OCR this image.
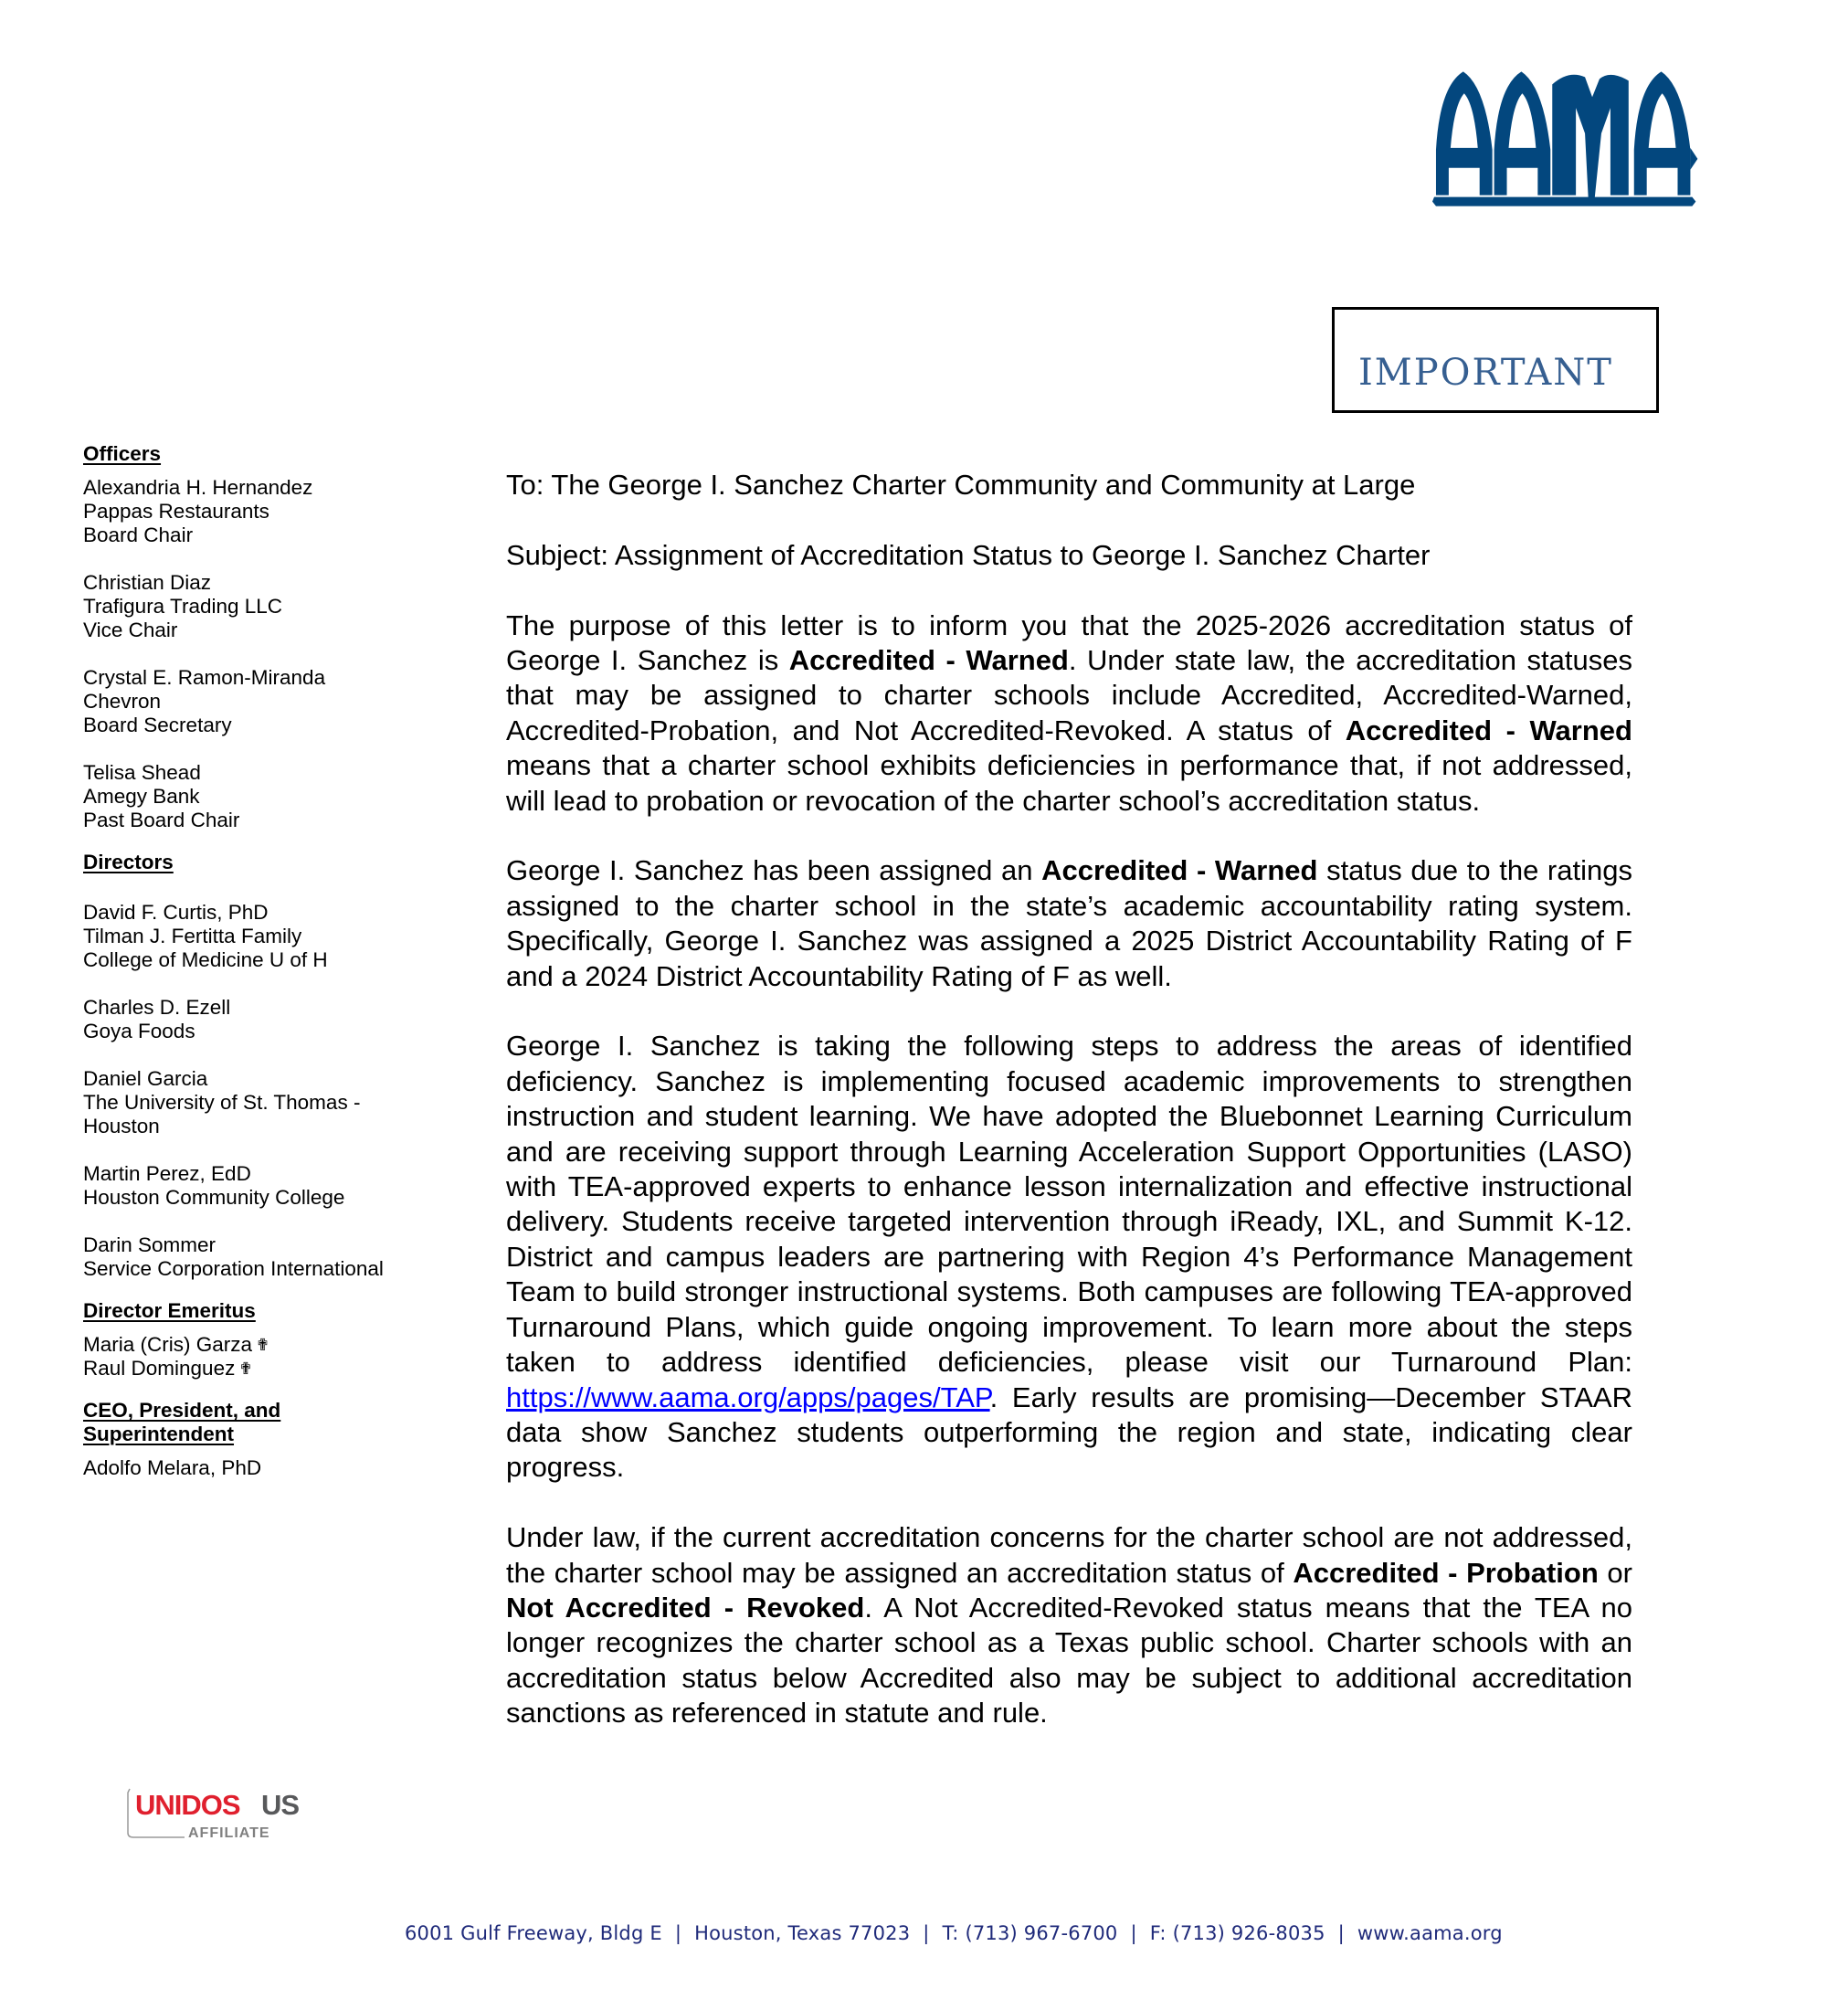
IMPORTANT
Officers
Alexandria H. Hernandez
Pappas Restaurants
Board Chair
Christian Diaz
Trafigura Trading LLC
Vice Chair
Crystal E. Ramon-Miranda
Chevron
Board Secretary
Telisa Shead
Amegy Bank
Past Board Chair
Directors
David F. Curtis, PhD
Tilman J. Fertitta Family
College of Medicine U of H
Charles D. Ezell
Goya Foods
Daniel Garcia
The University of St. Thomas -
Houston
Martin Perez, EdD
Houston Community College
Darin Sommer
Service Corporation International
Director Emeritus
Maria (Cris) Garza ✟
Raul Dominguez ✟
CEO, President, and
Superintendent
Adolfo Melara, PhD

To: The George I. Sanchez Charter Community and Community at Large

Subject: Assignment of Accreditation Status to George I. Sanchez Charter

The purpose of this letter is to inform you that the 2025-2026 accreditation status of George I. Sanchez is Accredited - Warned. Under state law, the accreditation statuses that may be assigned to charter schools include Accredited, Accredited-Warned, Accredited-Probation, and Not Accredited-Revoked. A status of Accredited - Warned means that a charter school exhibits deficiencies in performance that, if not addressed, will lead to probation or revocation of the charter school’s accreditation status.

George I. Sanchez has been assigned an Accredited - Warned status due to the ratings assigned to the charter school in the state’s academic accountability rating system. Specifically, George I. Sanchez was assigned a 2025 District Accountability Rating of F and a 2024 District Accountability Rating of F as well.

George I. Sanchez is taking the following steps to address the areas of identified deficiency. Sanchez is implementing focused academic improvements to strengthen instruction and student learning. We have adopted the Bluebonnet Learning Curriculum and are receiving support through Learning Acceleration Support Opportunities (LASO) with TEA-approved experts to enhance lesson internalization and effective instructional delivery. Students receive targeted intervention through iReady, IXL, and Summit K-12. District and campus leaders are partnering with Region 4’s Performance Management Team to build stronger instructional systems. Both campuses are following TEA-approved Turnaround Plans, which guide ongoing improvement. To learn more about the steps taken to address identified deficiencies, please visit our Turnaround Plan: https://www.aama.org/apps/pages/TAP. Early results are promising—December STAAR data show Sanchez students outperforming the region and state, indicating clear progress.

Under law, if the current accreditation concerns for the charter school are not addressed, the charter school may be assigned an accreditation status of Accredited - Probation or Not Accredited - Revoked. A Not Accredited-Revoked status means that the TEA no longer recognizes the charter school as a Texas public school. Charter schools with an accreditation status below Accredited also may be subject to additional accreditation sanctions as referenced in statute and rule.

UNIDOS US
AFFILIATE
6001 Gulf Freeway, Bldg E | Houston, Texas 77023 | T: (713) 967-6700 | F: (713) 926-8035 | www.aama.org
